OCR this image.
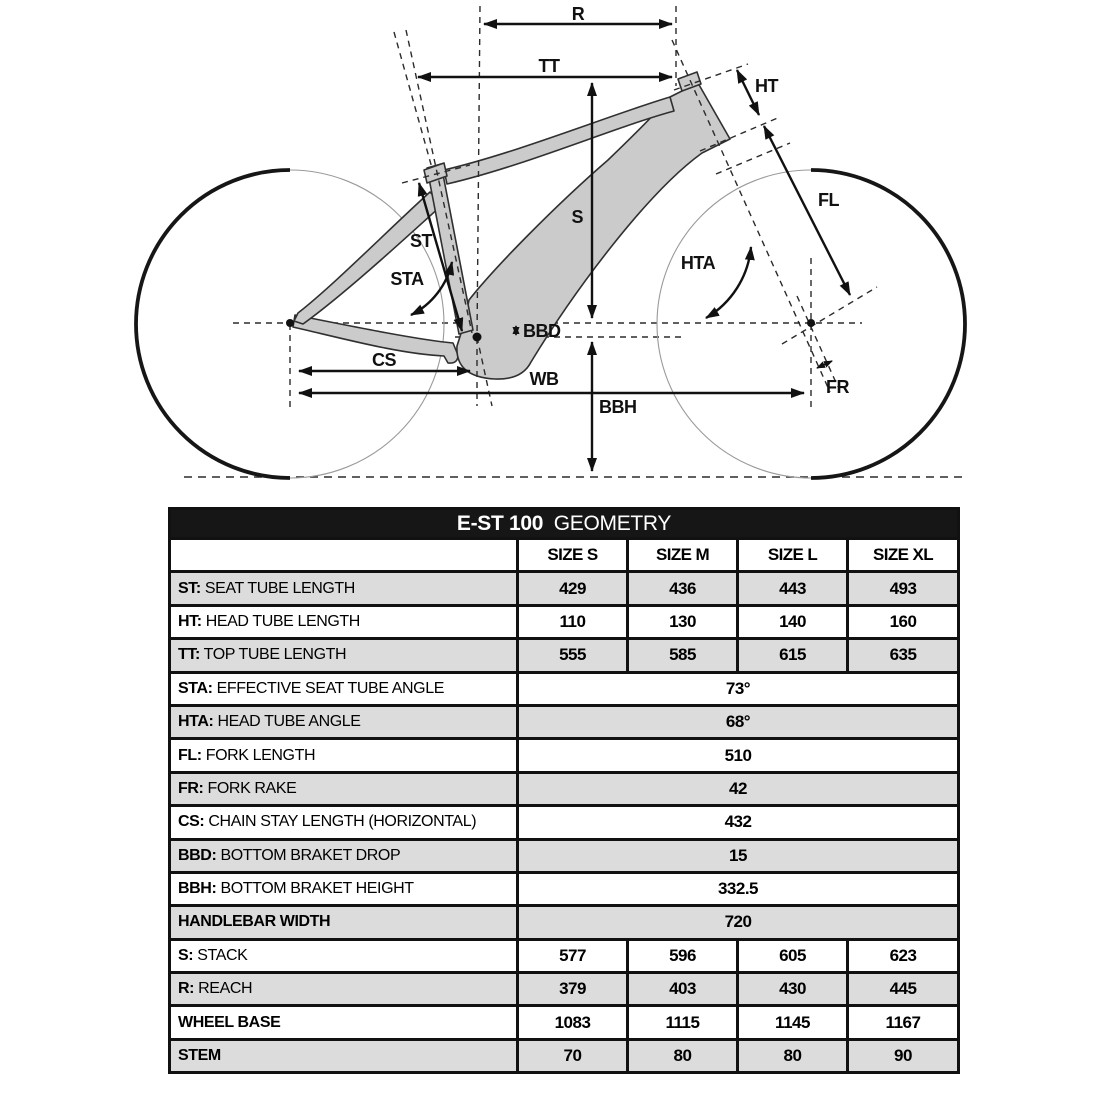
R
TT
HT
FL
S
ST
STA
HTA
BBD
CS
WB
BBH
FR
E-ST 100 GEOMETRY				
	SIZE S	SIZE M	SIZE L	SIZE XL
ST: SEAT TUBE LENGTH	429	436	443	493
HT: HEAD TUBE LENGTH	110	130	140	160
TT: TOP TUBE LENGTH	555	585	615	635
STA: EFFECTIVE SEAT TUBE ANGLE	73°			
HTA: HEAD TUBE ANGLE	68°			
FL: FORK LENGTH	510			
FR: FORK RAKE	42			
CS: CHAIN STAY LENGTH (HORIZONTAL)	432			
BBD: BOTTOM BRAKET DROP	15			
BBH: BOTTOM BRAKET HEIGHT	332.5			
HANDLEBAR WIDTH	720			
S: STACK	577	596	605	623
R: REACH	379	403	430	445
WHEEL BASE	1083	1115	1145	1167
STEM	70	80	80	90
